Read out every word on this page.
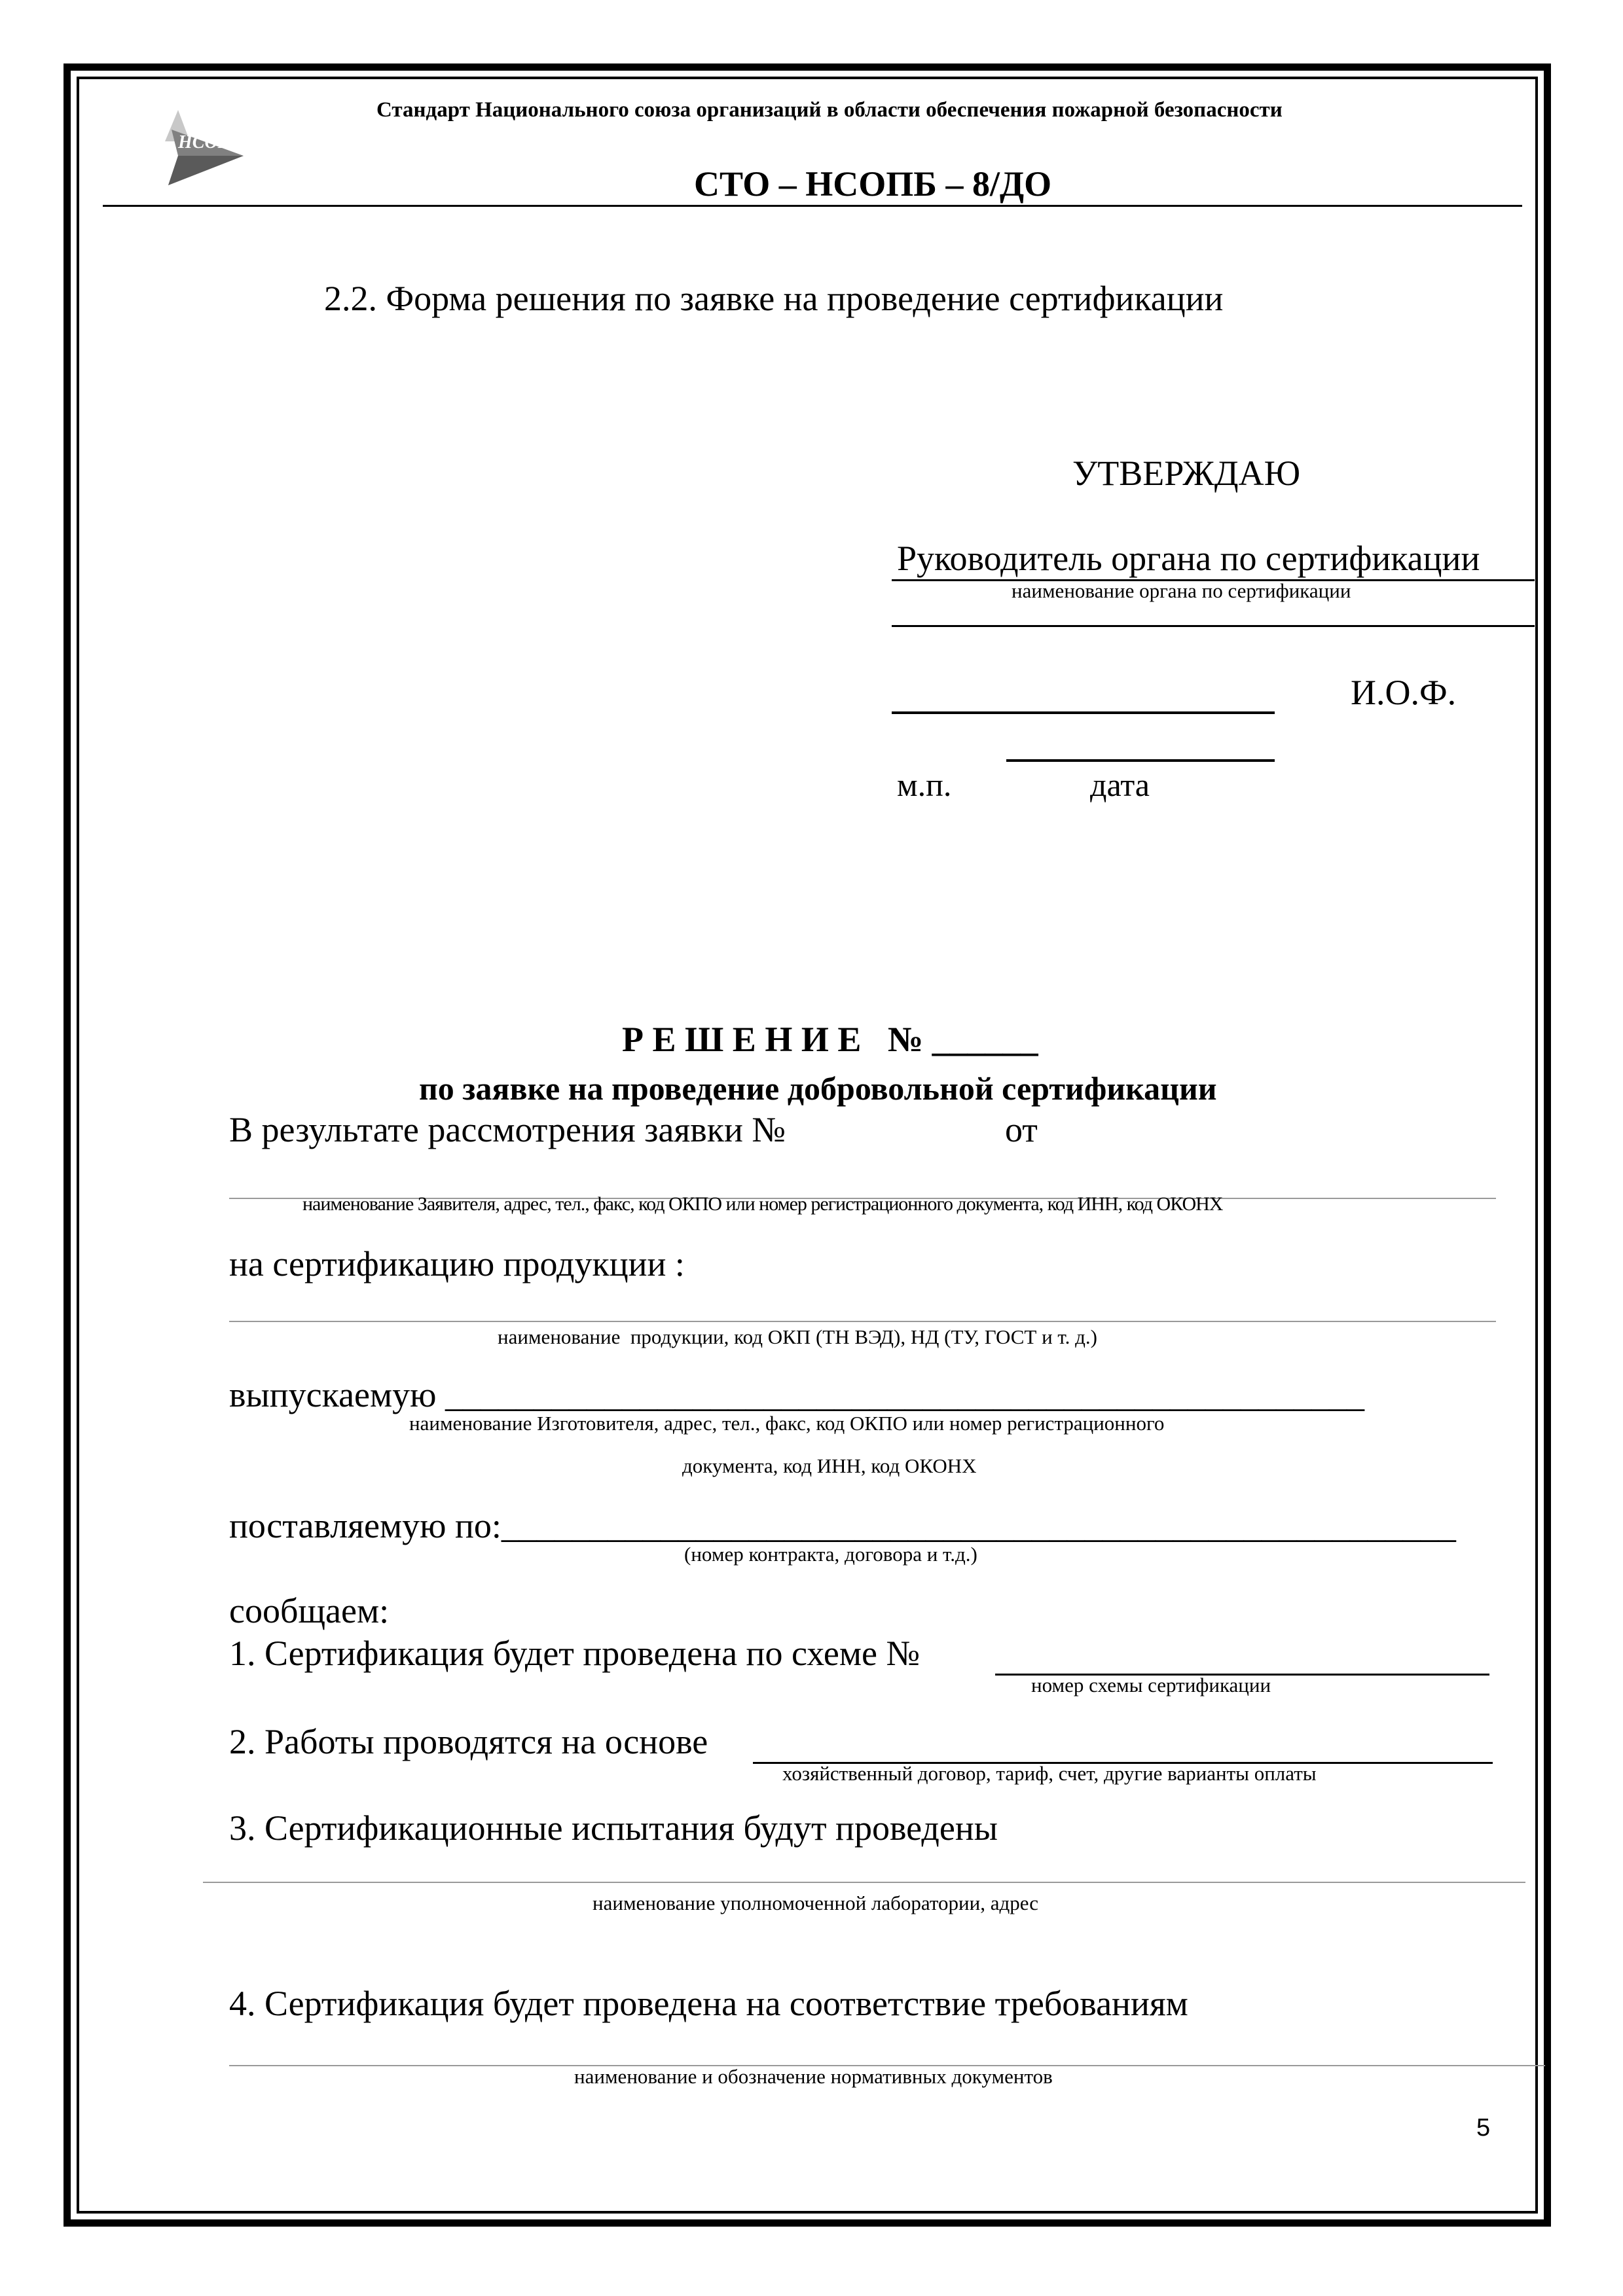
НСОПБ
Стандарт Национального союза организаций в области обеспечения пожарной безопасности
СТО – НСОПБ – 8/ДО
2.2. Форма решения по заявке на проведение сертификации
УТВЕРЖДАЮ
Руководитель органа по сертификации
наименование органа по сертификации
И.О.Ф.
м.п.	дата
Р Е Ш Е Н И Е   № ______
по заявке на проведение добровольной сертификации
В результате рассмотрения заявки №	от
наименование Заявителя, адрес, тел., факс, код ОКПО или номер регистрационного документа, код ИНН, код ОКОНХ
на сертификацию продукции :
наименование  продукции, код ОКП (ТН ВЭД), НД (ТУ, ГОСТ и т. д.)
выпускаемую ____________________________________________________
наименование Изготовителя, адрес, тел., факс, код ОКПО или номер регистрационного
документа, код ИНН, код ОКОНХ
поставляемую по:______________________________________________________
(номер контракта, договора и т.д.)
сообщаем:
1. Сертификация будет проведена по схеме №
номер схемы сертификации
2. Работы проводятся на основе
хозяйственный договор, тариф, счет, другие варианты оплаты
3. Сертификационные испытания будут проведены
наименование уполномоченной лаборатории, адрес
4. Сертификация будет проведена на соответствие требованиям
наименование и обозначение нормативных документов
5
